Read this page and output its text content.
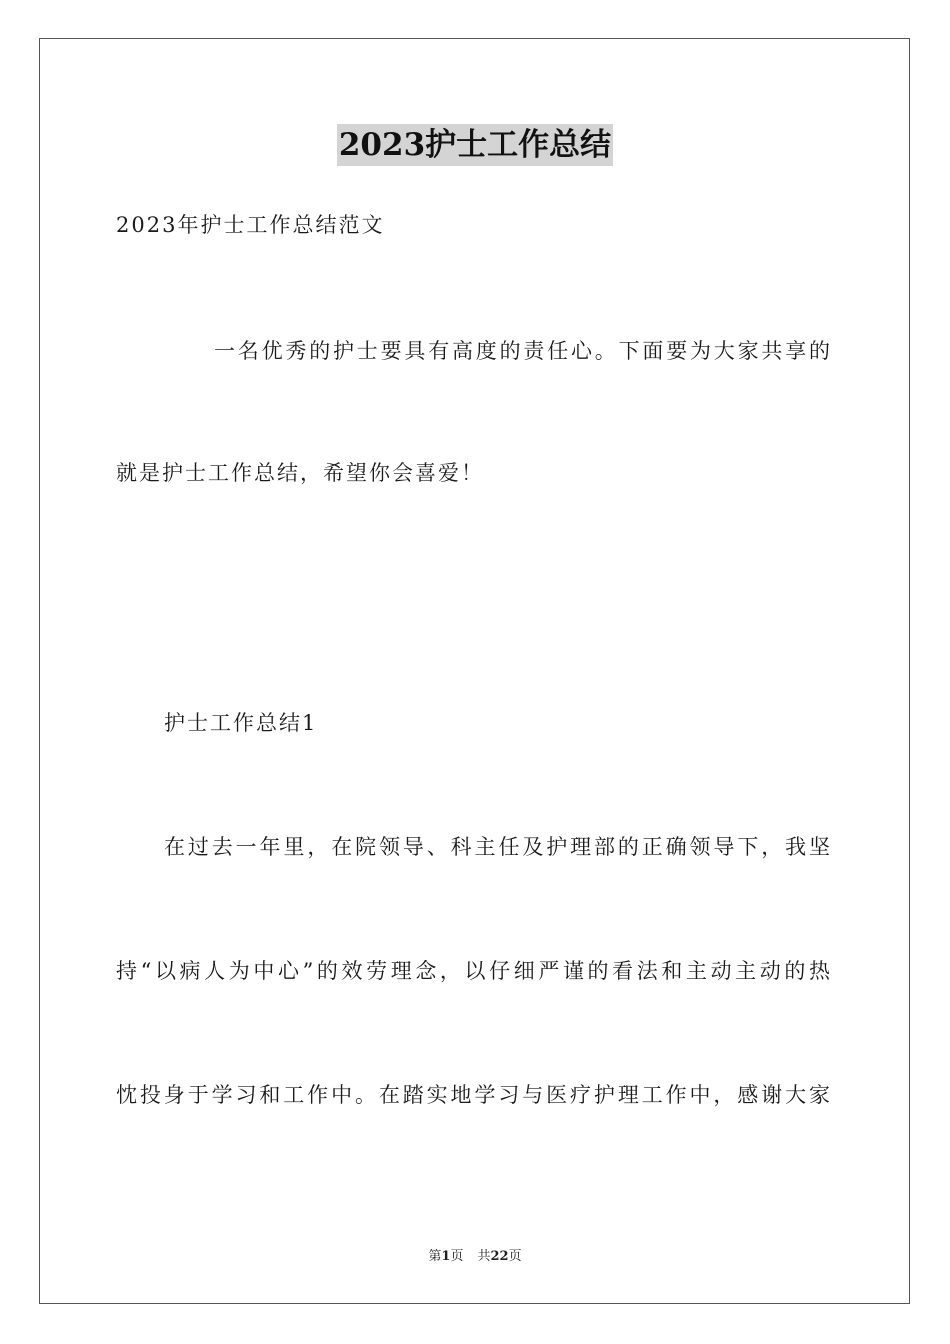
2023护士工作总结
2023年护士工作总结范文
一名优秀的护士要具有高度的责任心。下面要为大家共享的
就是护士工作总结，希望你会喜爱！
护士工作总结1
在过去一年里，在院领导、科主任及护理部的正确领导下，我坚
持“以病人为中心”的效劳理念，以仔细严谨的看法和主动主动的热
忱投身于学习和工作中。在踏实地学习与医疗护理工作中，感谢大家
第1页 共22页
